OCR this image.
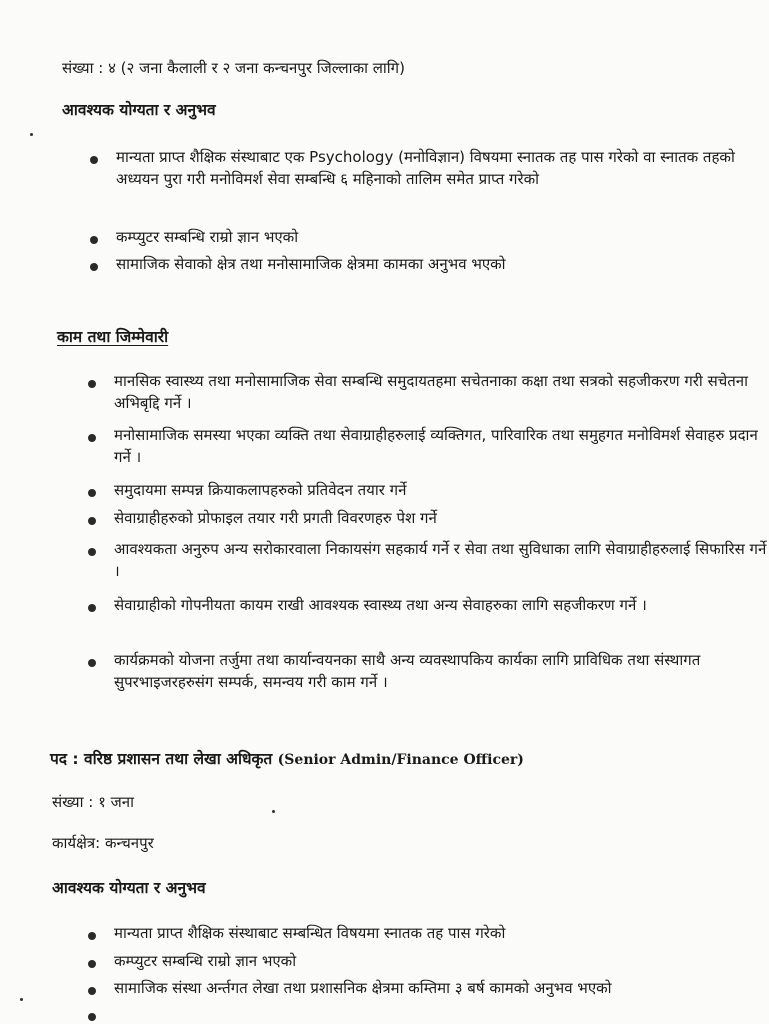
संख्या : ४ (२ जना कैलाली र २ जना कन्चनपुर जिल्लाका लागि)
आवश्यक योग्यता र अनुभव
मान्यता प्राप्त शैक्षिक संस्थाबाट एक Psychology (मनोविज्ञान) विषयमा स्नातक तह पास गरेको वा स्नातक तहको अध्ययन पुरा गरी मनोविमर्श सेवा सम्बन्धि ६ महिनाको तालिम समेत प्राप्त गरेको
कम्प्युटर सम्बन्धि राम्रो ज्ञान भएको
सामाजिक सेवाको क्षेत्र तथा मनोसामाजिक क्षेत्रमा कामका अनुभव भएको
काम तथा जिम्मेवारी
मानसिक स्वास्थ्य तथा मनोसामाजिक सेवा सम्बन्धि समुदायतहमा सचेतनाका कक्षा तथा सत्रको सहजीकरण गरी सचेतना अभिबृद्दि गर्ने ।
मनोसामाजिक समस्या भएका व्यक्ति तथा सेवाग्राहीहरुलाई व्यक्तिगत, पारिवारिक तथा समुहगत मनोविमर्श सेवाहरु प्रदान गर्ने ।
समुदायमा सम्पन्न क्रियाकलापहरुको प्रतिवेदन तयार गर्ने
सेवाग्राहीहरुको प्रोफाइल तयार गरी प्रगती विवरणहरु पेश गर्ने
आवश्यकता अनुरुप अन्य सरोकारवाला निकायसंग सहकार्य गर्ने र सेवा तथा सुविधाका लागि सेवाग्राहीहरुलाई सिफारिस गर्ने ।
सेवाग्राहीको गोपनीयता कायम राखी आवश्यक स्वास्थ्य तथा अन्य सेवाहरुका लागि सहजीकरण गर्ने ।
कार्यक्रमको योजना तर्जुमा तथा कार्यान्वयनका साथै अन्य व्यवस्थापकिय कार्यका लागि प्राविधिक तथा संस्थागत सुपरभाइजरहरुसंग सम्पर्क, समन्वय गरी काम गर्ने ।
पद : वरिष्ठ प्रशासन तथा लेखा अधिकृत (Senior Admin/Finance Officer)
संख्या : १ जना
कार्यक्षेत्र: कन्चनपुर
आवश्यक योग्यता र अनुभव
मान्यता प्राप्त शैक्षिक संस्थाबाट सम्बन्धित विषयमा स्नातक तह पास गरेको
कम्प्युटर सम्बन्धि राम्रो ज्ञान भएको
सामाजिक संस्था अर्न्तगत लेखा तथा प्रशासनिक क्षेत्रमा कम्तिमा ३ बर्ष कामको अनुभव भएको
